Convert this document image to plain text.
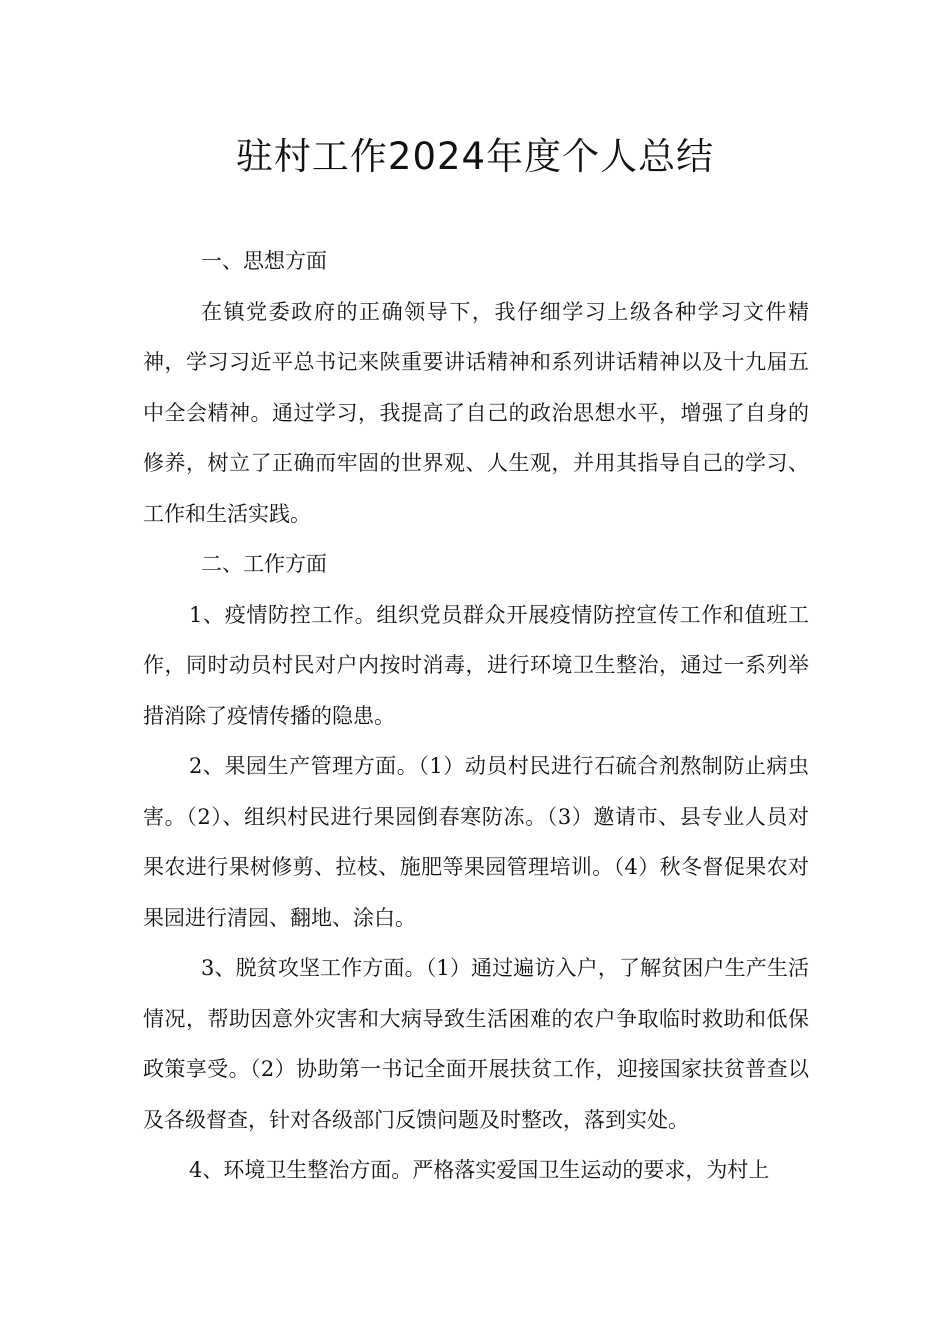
驻村工作2024年度个人总结

一、思想方面

在镇党委政府的正确领导下，我仔细学习上级各种学习文件精神，学习习近平总书记来陕重要讲话精神和系列讲话精神以及十九届五中全会精神。通过学习，我提高了自己的政治思想水平，增强了自身的修养，树立了正确而牢固的世界观、人生观，并用其指导自己的学习、工作和生活实践。

二、工作方面

1、疫情防控工作。组织党员群众开展疫情防控宣传工作和值班工作，同时动员村民对户内按时消毒，进行环境卫生整治，通过一系列举措消除了疫情传播的隐患。

2、果园生产管理方面。（1）动员村民进行石硫合剂熬制防止病虫害。（2）、组织村民进行果园倒春寒防冻。（3）邀请市、县专业人员对果农进行果树修剪、拉枝、施肥等果园管理培训。（4）秋冬督促果农对果园进行清园、翻地、涂白。

3、脱贫攻坚工作方面。（1）通过遍访入户，了解贫困户生产生活情况，帮助因意外灾害和大病导致生活困难的农户争取临时救助和低保政策享受。（2）协助第一书记全面开展扶贫工作，迎接国家扶贫普查以及各级督查，针对各级部门反馈问题及时整改，落到实处。

4、环境卫生整治方面。严格落实爱国卫生运动的要求，为村上
